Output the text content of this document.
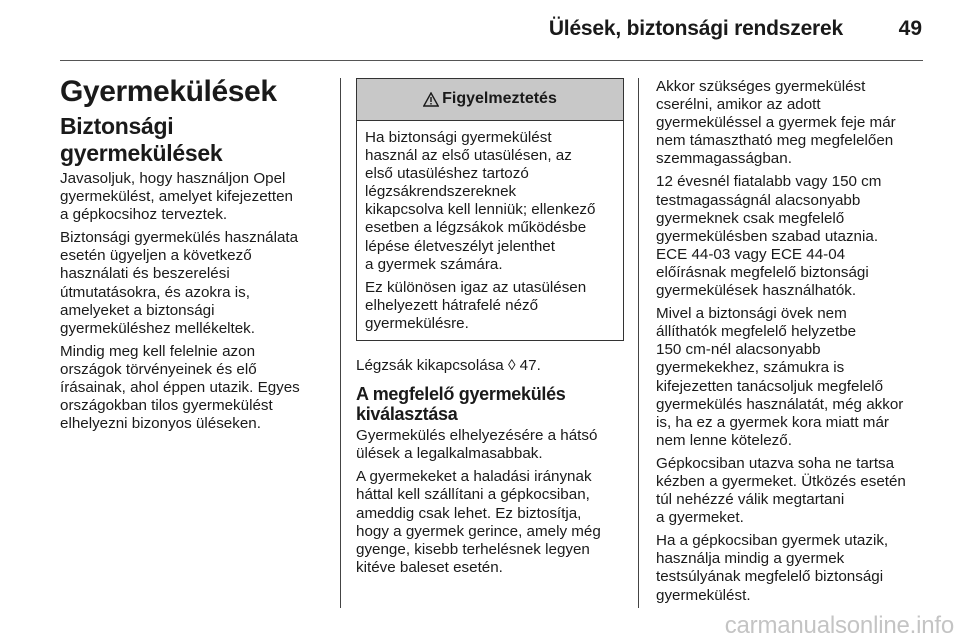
Ülések, biztonsági rendszerek	49
Gyermekülések
Biztonsági gyermekülések

Javasoljuk, hogy használjon Opel
gyermekülést, amelyet kifejezetten
a gépkocsihoz terveztek.

Biztonsági gyermekülés használata
esetén ügyeljen a következő
használati és beszerelési
útmutatásokra, és azokra is,
amelyeket a biztonsági
gyermeküléshez mellékeltek.

Mindig meg kell felelnie azon
országok törvényeinek és elő
írásainak, ahol éppen utazik. Egyes
országokban tilos gyermekülést
elhelyezni bizonyos üléseken.

Figyelmeztetés

Ha biztonsági gyermekülést
használ az első utasülésen, az
első utasüléshez tartozó
légzsákrendszereknek
kikapcsolva kell lenniük; ellenkező
esetben a légzsákok működésbe
lépése életveszélyt jelenthet
a gyermek számára.

Ez különösen igaz az utasülésen
elhelyezett hátrafelé néző
gyermekülésre.

Légzsák kikapcsolása ◊ 47.

A megfelelő gyermekülés
kiválasztása

Gyermekülés elhelyezésére a hátsó
ülések a legalkalmasabbak.

A gyermekeket a haladási iránynak
háttal kell szállítani a gépkocsiban,
ameddig csak lehet. Ez biztosítja,
hogy a gyermek gerince, amely még
gyenge, kisebb terhelésnek legyen
kitéve baleset esetén.

Akkor szükséges gyermekülést
cserélni, amikor az adott
gyermeküléssel a gyermek feje már
nem támasztható meg megfelelően
szemmagasságban.

12 évesnél fiatalabb vagy 150 cm
testmagasságnál alacsonyabb
gyermeknek csak megfelelő
gyermekülésben szabad utaznia.
ECE 44-03 vagy ECE 44-04
előírásnak megfelelő biztonsági
gyermekülések használhatók.

Mivel a biztonsági övek nem
állíthatók megfelelő helyzetbe
150 cm-nél alacsonyabb
gyermekekhez, számukra is
kifejezetten tanácsoljuk megfelelő
gyermekülés használatát, még akkor
is, ha ez a gyermek kora miatt már
nem lenne kötelező.

Gépkocsiban utazva soha ne tartsa
kézben a gyermeket. Ütközés esetén
túl nehézzé válik megtartani
a gyermeket.

Ha a gépkocsiban gyermek utazik,
használja mindig a gyermek
testsúlyának megfelelő biztonsági
gyermekülést.

carmanualsonline.info
